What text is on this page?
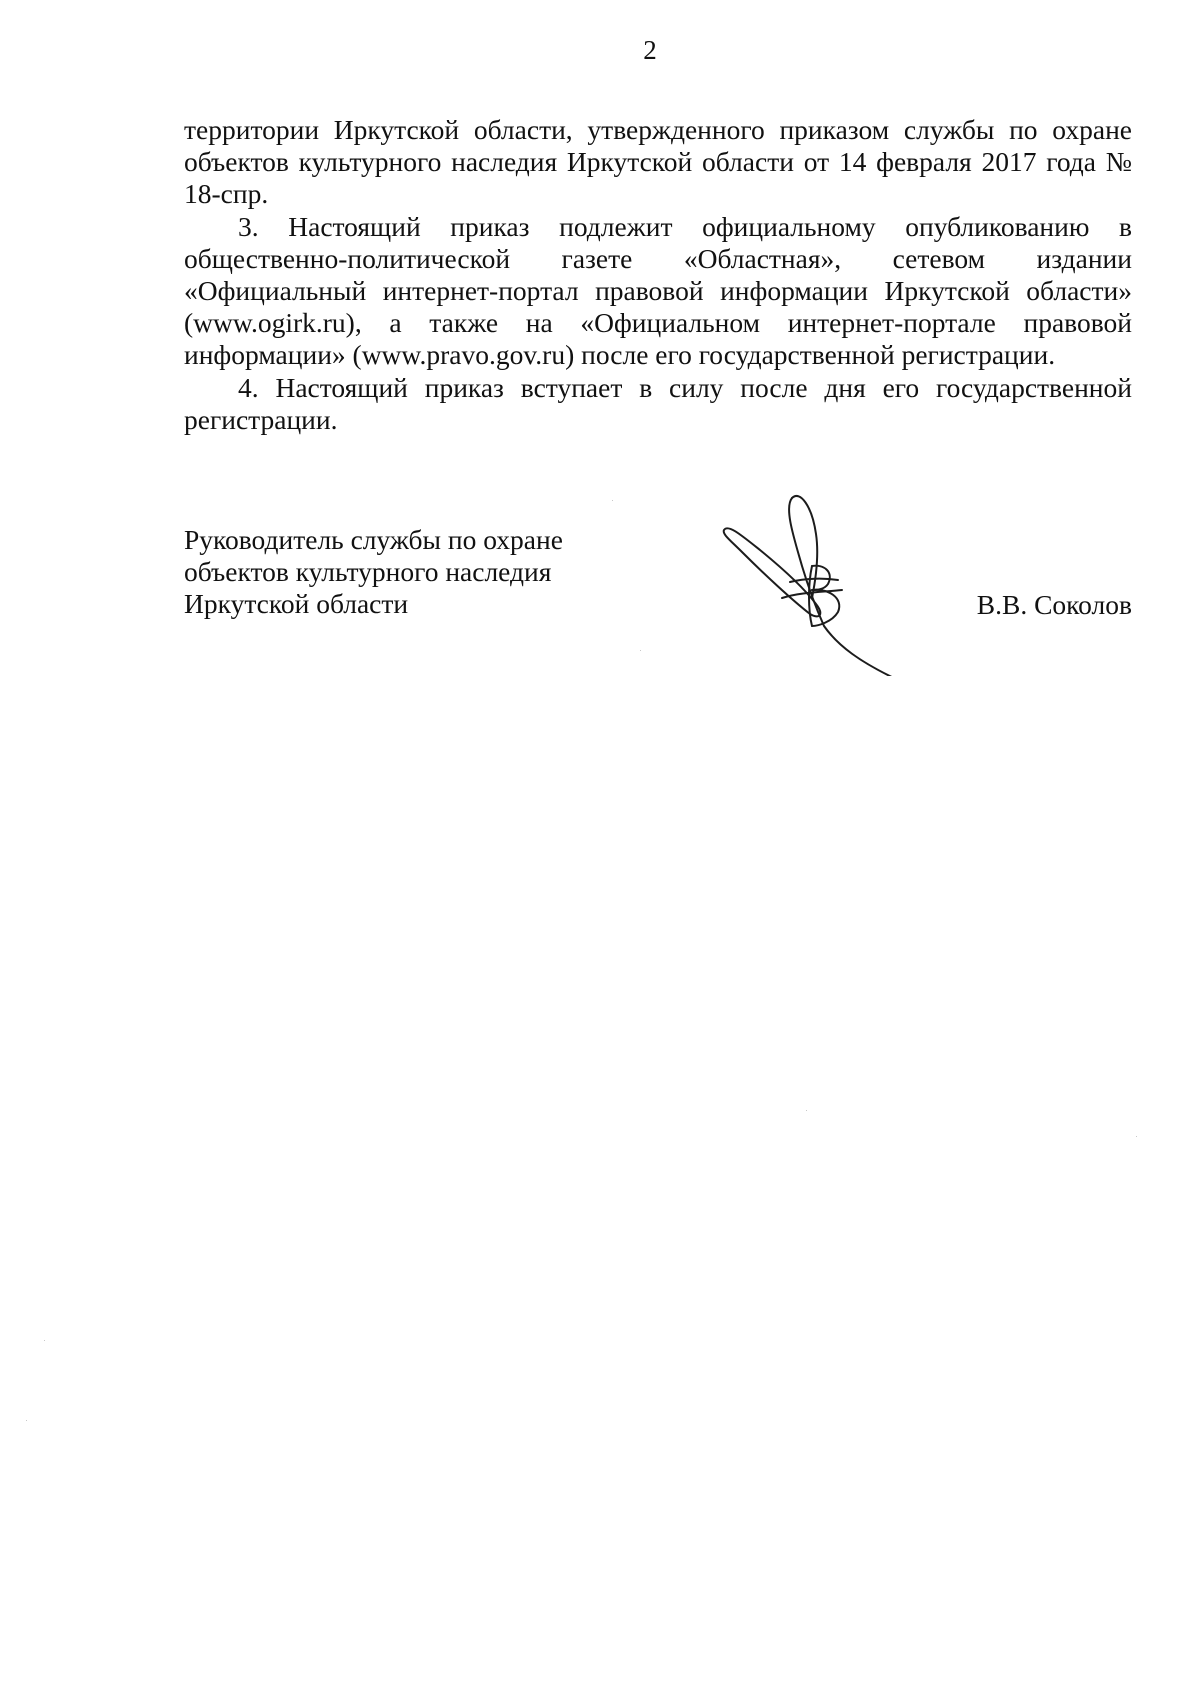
2

территории Иркутской области, утвержденного приказом службы по охране объектов культурного наследия Иркутской области от 14 февраля 2017 года № 18-спр.

3. Настоящий приказ подлежит официальному опубликованию в общественно-политической газете «Областная», сетевом издании «Официальный интернет-портал правовой информации Иркутской области» (www.ogirk.ru), а также на «Официальном интернет-портале правовой информации» (www.pravo.gov.ru) после его государственной регистрации.

4. Настоящий приказ вступает в силу после дня его государственной регистрации.

Руководитель службы по охране
объектов культурного наследия
Иркутской области	В.В. Соколов
